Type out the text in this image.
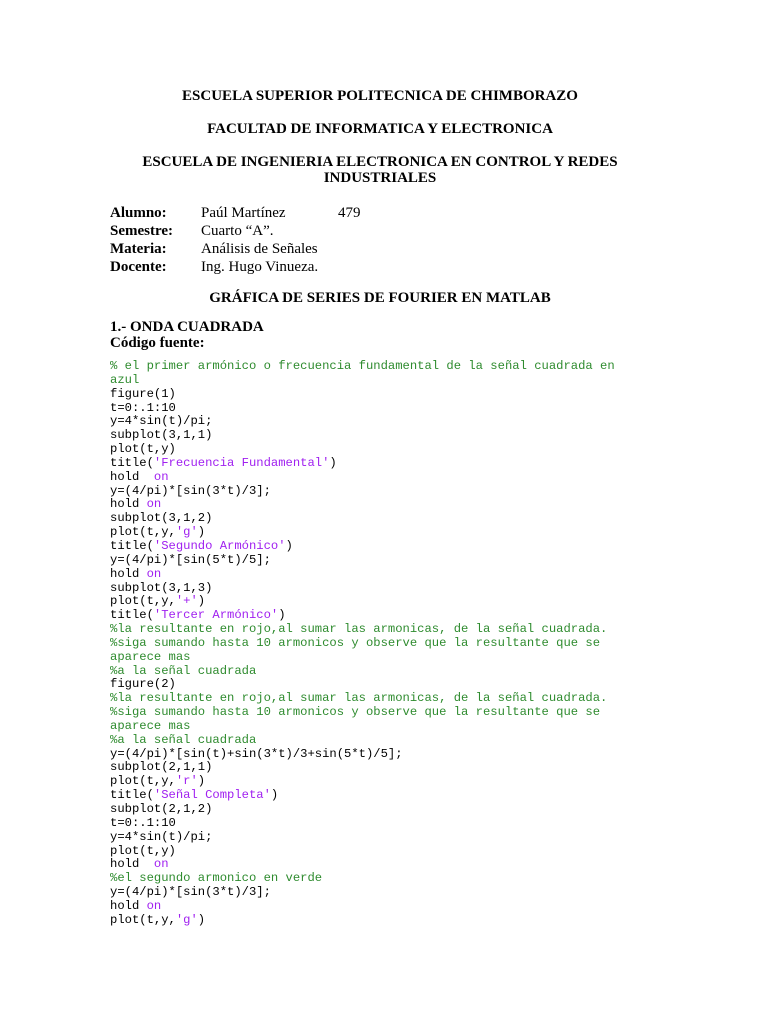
ESCUELA SUPERIOR POLITECNICA DE CHIMBORAZO
FACULTAD DE INFORMATICA Y ELECTRONICA
ESCUELA DE INGENIERIA ELECTRONICA EN CONTROL Y REDES
INDUSTRIALES
Alumno: Paúl Martínez	479
Semestre: Cuarto “A”.
Materia: Análisis de Señales
Docente: Ing. Hugo Vinueza.
GRÁFICA DE SERIES DE FOURIER EN MATLAB
1.- ONDA CUADRADA
Código fuente:
% el primer armónico o frecuencia fundamental de la señal cuadrada en
azul
figure(1)
t=0:.1:10
y=4*sin(t)/pi;
subplot(3,1,1)
plot(t,y)
title('Frecuencia Fundamental')
hold  on
y=(4/pi)*[sin(3*t)/3];
hold on
subplot(3,1,2)
plot(t,y,'g')
title('Segundo Armónico')
y=(4/pi)*[sin(5*t)/5];
hold on
subplot(3,1,3)
plot(t,y,'+')
title('Tercer Armónico')
%la resultante en rojo,al sumar las armonicas, de la señal cuadrada.
%siga sumando hasta 10 armonicos y observe que la resultante que se
aparece mas
%a la señal cuadrada
figure(2)
%la resultante en rojo,al sumar las armonicas, de la señal cuadrada.
%siga sumando hasta 10 armonicos y observe que la resultante que se
aparece mas
%a la señal cuadrada
y=(4/pi)*[sin(t)+sin(3*t)/3+sin(5*t)/5];
subplot(2,1,1)
plot(t,y,'r')
title('Señal Completa')
subplot(2,1,2)
t=0:.1:10
y=4*sin(t)/pi;
plot(t,y)
hold  on
%el segundo armonico en verde
y=(4/pi)*[sin(3*t)/3];
hold on
plot(t,y,'g')
